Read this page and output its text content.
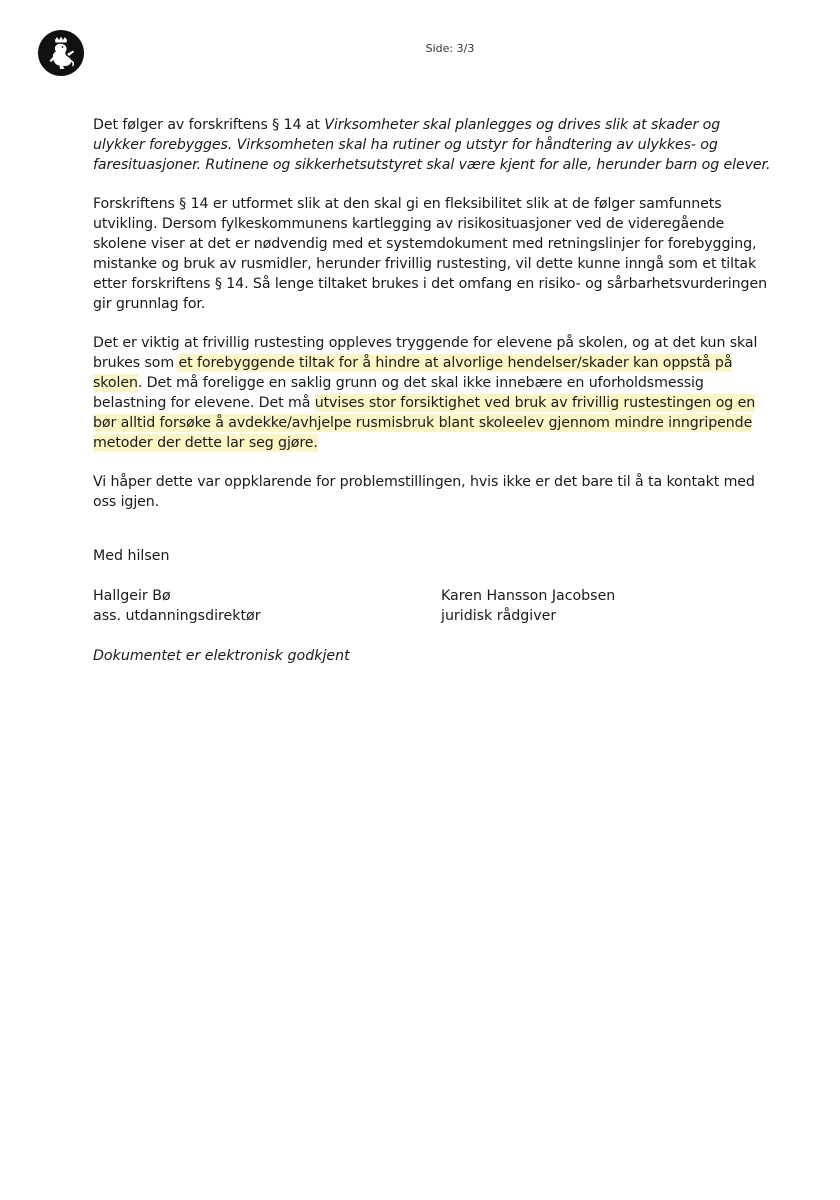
Side: 3/3

Det følger av forskriftens § 14 at Virksomheter skal planlegges og drives slik at skader og ulykker forebygges. Virksomheten skal ha rutiner og utstyr for håndtering av ulykkes- og faresituasjoner. Rutinene og sikkerhetsutstyret skal være kjent for alle, herunder barn og elever.

Forskriftens § 14 er utformet slik at den skal gi en fleksibilitet slik at de følger samfunnets utvikling. Dersom fylkeskommunens kartlegging av risikosituasjoner ved de videregående skolene viser at det er nødvendig med et systemdokument med retningslinjer for forebygging, mistanke og bruk av rusmidler, herunder frivillig rustesting, vil dette kunne inngå som et tiltak etter forskriftens § 14. Så lenge tiltaket brukes i det omfang en risiko- og sårbarhetsvurderingen gir grunnlag for.

Det er viktig at frivillig rustesting oppleves tryggende for elevene på skolen, og at det kun skal brukes som et forebyggende tiltak for å hindre at alvorlige hendelser/skader kan oppstå på skolen. Det må foreligge en saklig grunn og det skal ikke innebære en uforholdsmessig belastning for elevene. Det må utvises stor forsiktighet ved bruk av frivillig rustestingen og en bør alltid forsøke å avdekke/avhjelpe rusmisbruk blant skoleelev gjennom mindre inngripende metoder der dette lar seg gjøre.

Vi håper dette var oppklarende for problemstillingen, hvis ikke er det bare til å ta kontakt med oss igjen.

Med hilsen
Hallgeir Bø
ass. utdanningsdirektør
Karen Hansson Jacobsen
juridisk rådgiver
Dokumentet er elektronisk godkjent
